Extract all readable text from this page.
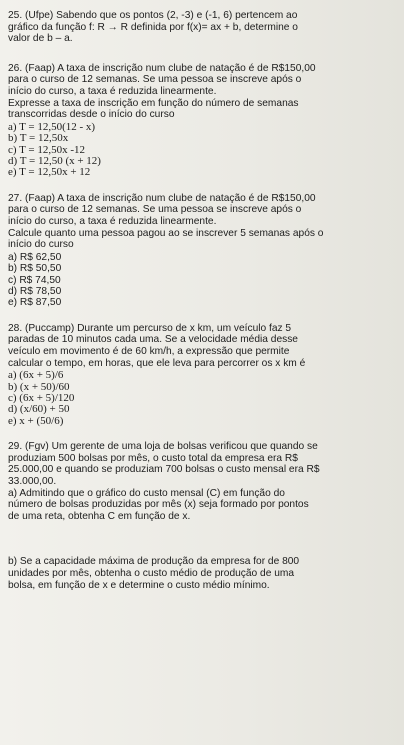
25. (Ufpe) Sabendo que os pontos (2, -3) e (-1, 6) pertencem ao

gráfico da função f: R → R definida por f(x)= ax + b, determine o

valor de b – a.

26. (Faap) A taxa de inscrição num clube de natação é de R$150,00

para o curso de 12 semanas. Se uma pessoa se inscreve após o

início do curso, a taxa é reduzida linearmente.

Expresse a taxa de inscrição em função do número de semanas

transcorridas desde o início do curso

a) T = 12,50(12 - x)
b) T = 12,50x
c) T = 12,50x -12
d) T = 12,50 (x + 12)
e) T = 12,50x + 12

27. (Faap) A taxa de inscrição num clube de natação é de R$150,00

para o curso de 12 semanas. Se uma pessoa se inscreve após o

início do curso, a taxa é reduzida linearmente.

Calcule quanto uma pessoa pagou ao se inscrever 5 semanas após o

início do curso

a) R$ 62,50
b) R$ 50,50
c) R$ 74,50
d) R$ 78,50
e) R$ 87,50

28. (Puccamp) Durante um percurso de x km, um veículo faz 5

paradas de 10 minutos cada uma. Se a velocidade média desse

veículo em movimento é de 60 km/h, a expressão que permite

calcular o tempo, em horas, que ele leva para percorrer os x km é

a) (6x + 5)/6
b) (x + 50)/60
c) (6x + 5)/120
d) (x/60) + 50
e) x + (50/6)

29. (Fgv) Um gerente de uma loja de bolsas verificou que quando se

produziam 500 bolsas por mês, o custo total da empresa era R$

25.000,00 e quando se produziam 700 bolsas o custo mensal era R$

33.000,00.

a) Admitindo que o gráfico do custo mensal (C) em função do

número de bolsas produzidas por mês (x) seja formado por pontos

de uma reta, obtenha C em função de x.

b) Se a capacidade máxima de produção da empresa for de 800

unidades por mês, obtenha o custo médio de produção de uma

bolsa, em função de x e determine o custo médio mínimo.
